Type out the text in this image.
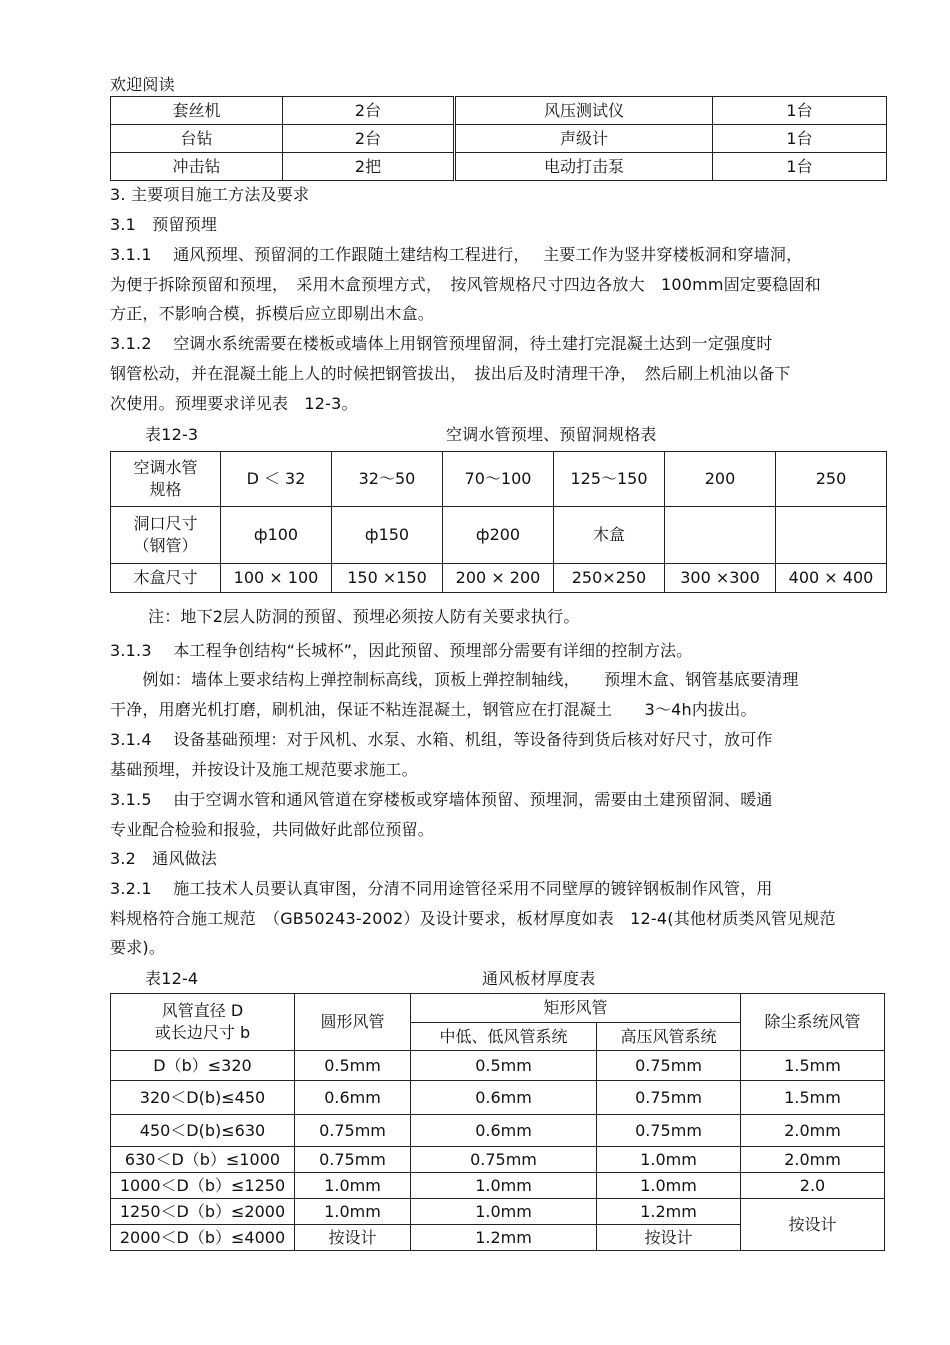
欢迎阅读
套丝机	2台	风压测试仪	1台
台钻	2台	声级计	1台
冲击钻	2把	电动打击泵	1台
3. 主要项目施工方法及要求
3.1　预留预埋
3.1.1　 通风预埋、预留洞的工作跟随土建结构工程进行，　 主要工作为竖井穿楼板洞和穿墙洞，
为便于拆除预留和预埋，　采用木盒预埋方式，　按风管规格尺寸四边各放大　100mm固定要稳固和
方正，不影响合模，拆模后应立即剔出木盒。
3.1.2　 空调水系统需要在楼板或墙体上用钢管预埋留洞，待土建打完混凝土达到一定强度时
钢管松动，并在混凝土能上人的时候把钢管拔出，　拔出后及时清理干净，　然后刷上机油以备下
次使用。预埋要求详见表　12-3。
表12-3	空调水管预埋、预留洞规格表
空调水管
规格	D ＜ 32	32～50	70～100	125～150	200	250
洞口尺寸
（钢管）	ф100	ф150	ф200	木盒		
木盒尺寸	100 × 100	150 ×150	200 × 200	250×250	300 ×300	400 × 400
注：地下2层人防洞的预留、预埋必须按人防有关要求执行。
3.1.3　 本工程争创结构“长城杯”，因此预留、预埋部分需要有详细的控制方法。
　　例如：墙体上要求结构上弹控制标高线，顶板上弹控制轴线，　　预埋木盒、钢管基底要清理
干净，用磨光机打磨，刷机油，保证不粘连混凝土，钢管应在打混凝土　　3～4h内拔出。
3.1.4　 设备基础预埋：对于风机、水泵、水箱、机组，等设备待到货后核对好尺寸，放可作
基础预埋，并按设计及施工规范要求施工。
3.1.5　 由于空调水管和通风管道在穿楼板或穿墙体预留、预埋洞，需要由土建预留洞、暖通
专业配合检验和报验，共同做好此部位预留。
3.2　通风做法
3.2.1　 施工技术人员要认真审图，分清不同用途管径采用不同壁厚的镀锌钢板制作风管，用
料规格符合施工规范　（GB50243-2002）及设计要求，板材厚度如表　12-4(其他材质类风管见规范
要求)。
表12-4	通风板材厚度表
风管直径 D
或长边尺寸 b	圆形风管	矩形风管		除尘系统风管
		中低、低风管系统	高压风管系统	
D（b）≤320	0.5mm	0.5mm	0.75mm	1.5mm
320＜D(b)≤450	0.6mm	0.6mm	0.75mm	1.5mm
450＜D(b)≤630	0.75mm	0.6mm	0.75mm	2.0mm
630＜D（b）≤1000	0.75mm	0.75mm	1.0mm	2.0mm
1000＜D（b）≤1250	1.0mm	1.0mm	1.0mm	2.0
1250＜D（b）≤2000	1.0mm	1.0mm	1.2mm	按设计
2000＜D（b）≤4000	按设计	1.2mm	按设计	
